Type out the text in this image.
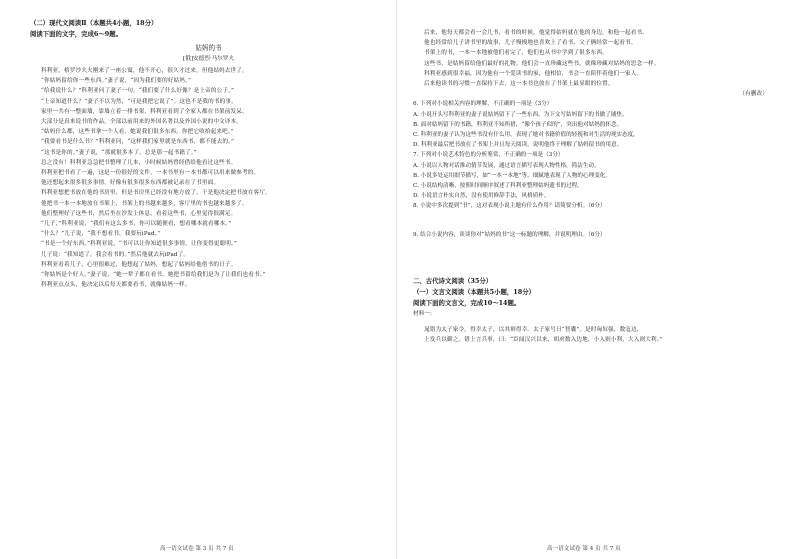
（二）现代文阅读Ⅱ（本题共4小题，18分）

阅读下面的文字，完成6～9题。

姑妈的书

[俄]安德烈·马尔罗夫

科利亚，格罗沙夫夫刚来了一座公寓，他不开心，很久才过来，但他姑妈去世了。

“你姑妈留给你一些东西。”妻子说，“因为我们要的好姑妈。”

“给我说什么？”科利亚问了妻子一句，“我们要了什么好像？是上帝的公子。”

“上帝知道什么？”妻子不以为然，“可是我把它说了”。这也不是我的书的事。

家里一共有一整面墙，靠墙立着一排书架，科利亚看到了全家人都在书架前发呆。

大部分是真来说书的作品，全部以前用来的外国名著以及外国小说的中文译本。

“姑妈什么都，这些书拿一个人看，她说我们很多东西。你把它收拾起来吧。”

“我要看书是什么书？”科利亚问，“这样我们家里就是东西书，都不能去的。”

“这书是你的。”妻子说，“那就很多本了，总是那一起书籍了。”

总之没有！科利亚急急把书整理了几本，小时候姑妈曾经借给他看过这些书。

科利亚把书看了一遍，这是一份很好的文件，一本书里有一本书都可以用来做参考的。

他还想起来很多很多事情，好像有很多很多东西都被记录在了书里面。

科利亚想把书放在他的书房里，但是书房里已经没有地方放了，于是他决定把书放在客厅。

他把书一本一本地放在书架上，书架上的书越来越多，客厅里的书也越来越多了。

他们整理好了这些书，然后坐在沙发上休息，看着这些书，心里觉得很满足。

“儿子，”科利亚说，“我们有这么多书，你可以随便看，想看哪本就看哪本。”

“什么？”儿子说，“我不想看书，我要玩iPad。”

“书是一个好东西，”科利亚说，“书可以让你知道很多事情，让你变得更聪明。”

儿子说：“我知道了，我会看书的。”然后他就去玩iPad了。

科利亚看着儿子，心里很难过，他想起了姑妈，想起了姑妈给他借书的日子。

“你姑妈是个好人，”妻子说，“她一辈子都在看书，她把书留给我们是为了让我们也看书。”

科利亚点点头，他决定以后每天都要看书，就像姑妈一样。

高一语文试卷 第 3 页 共 7 页

后来，他每天都会看一会儿书，看书的时候，他觉得姑妈就在他的身边，和他一起看书。

他也经常给儿子讲书里的故事，儿子慢慢地也喜欢上了看书，父子俩经常一起看书。

书架上的书，一本一本地被他们看完了，他们也从书中学到了很多东西。

这些书，是姑妈留给他们最好的礼物。他们会一直珍藏这些书，就像珍藏对姑妈的思念一样。

科利亚感到很幸福，因为他有一个爱读书的家，他相信，书会一直陪伴着他们一家人。

后来他读书的习惯一直保持下去，这一本书也放在了书架上最显眼的位置。

（有删改）

6. 下列对小说相关内容的理解，不正确的一项是（3分）

A. 小说开头写科利亚的妻子说姑妈留下了一些东西，为下文写姑妈留下的书做了铺垫。

B. 面对姑妈留下的书籍，科利亚不知所措，“像个孩子似的”，突出他对姑妈的怀念。

C. 科利亚的妻子认为这些书没有什么用，表现了她对书籍价值的轻视和对生活的现实态度。

D. 科利亚最后把书放在了书架上并且每天阅读，说明他终于理解了姑妈留书的用意。

7. 下列对小说艺术特色的分析鉴赏，不正确的一项是（3分）

A. 小说以人物对话推动情节发展，通过语言描写表现人物性格，简洁生动。

B. 小说多处运用细节描写，如“一本一本地”等，细腻地表现了人物的心理变化。

C. 小说结构清晰，按照时间顺序叙述了科利亚整理姑妈遗书的过程。

D. 小说语言朴实自然，没有使用修辞手法，风格质朴。

8. 小说中多次提到“书”，这对表现小说主题有什么作用？请简要分析。（6分）

9. 结合小说内容，谈谈你对“姑妈的书”这一标题的理解，并说明理由。（6分）

二、古代诗文阅读（35分）

（一）文言文阅读（本题共5小题，18分）

阅读下面的文言文，完成10～14题。

材料一：

晁错为太子家令，得幸太子，以其辩得幸。太子家号曰“智囊”。是时匈奴强，数寇边，

上发兵以御之。错上言兵事，曰：“臣闻汉兴以来，胡虏数入边地，小入则小利，大入则大利。”

高一语文试卷 第 4 页 共 7 页
